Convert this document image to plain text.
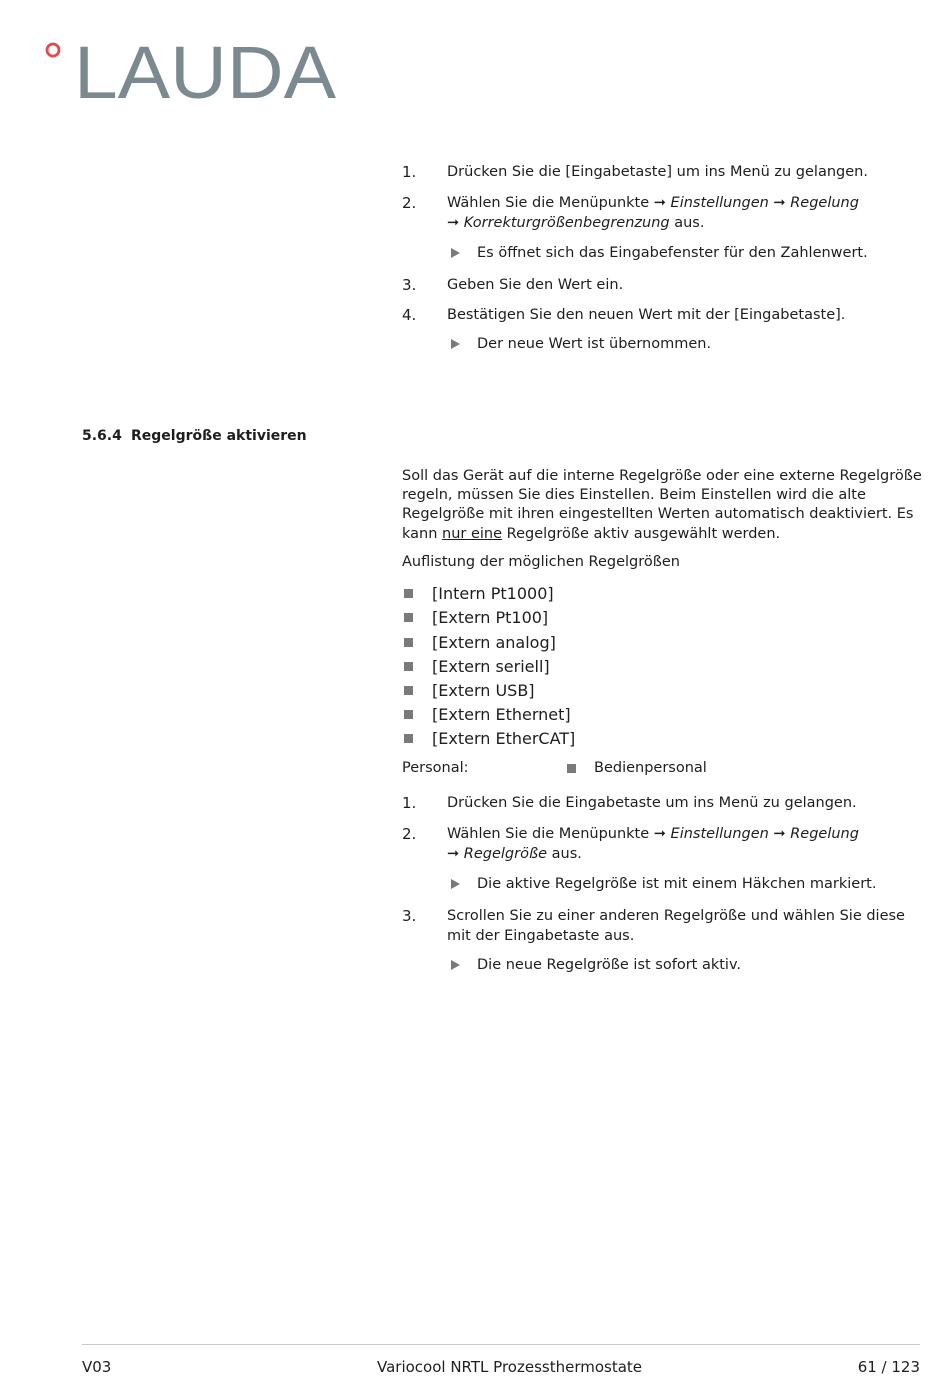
LAUDA
1. Drücken Sie die [Eingabetaste] um ins Menü zu gelangen.
2. Wählen Sie die Menüpunkte ➞ Einstellungen ➞ Regelung
➞ Korrekturgrößenbegrenzung aus.
Es öffnet sich das Eingabefenster für den Zahlenwert.
3. Geben Sie den Wert ein.
4. Bestätigen Sie den neuen Wert mit der [Eingabetaste].
Der neue Wert ist übernommen.
Soll das Gerät auf die interne Regelgröße oder eine externe Regelgröße regeln, müssen Sie dies Einstellen. Beim Einstellen wird die alte Regelgröße mit ihren eingestellten Werten automatisch deaktiviert. Es kann nur eine Regelgröße aktiv ausgewählt werden.
Auflistung der möglichen Regelgrößen
[Intern Pt1000]
[Extern Pt100]
[Extern analog]
[Extern seriell]
[Extern USB]
[Extern Ethernet]
[Extern EtherCAT]
Personal:	Bedienpersonal
1. Drücken Sie die Eingabetaste um ins Menü zu gelangen.
2. Wählen Sie die Menüpunkte ➞ Einstellungen ➞ Regelung
➞ Regelgröße aus.
Die aktive Regelgröße ist mit einem Häkchen markiert.
3. Scrollen Sie zu einer anderen Regelgröße und wählen Sie diese mit der Eingabetaste aus.
Die neue Regelgröße ist sofort aktiv.
5.6.4 Regelgröße aktivieren
V03	Variocool NRTL Prozessthermostate	61 / 123
